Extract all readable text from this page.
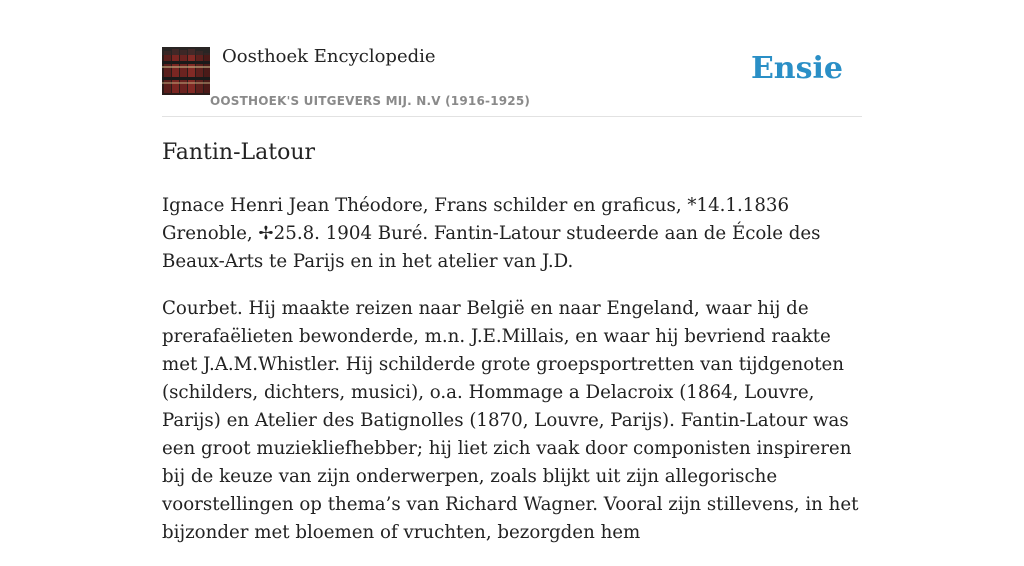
Oosthoek Encyclopedie
OOSTHOEK'S UITGEVERS MIJ. N.V (1916-1925)
Ensie
Fantin-Latour

Ignace Henri Jean Théodore, Frans schilder en graficus, *14.1.1836 Grenoble, ✢25.8. 1904 Buré. Fantin-Latour studeerde aan de École des Beaux-Arts te Parijs en in het atelier van J.D.

Courbet. Hij maakte reizen naar België en naar Engeland, waar hij de prerafaëlieten bewonderde, m.n. J.E.Millais, en waar hij bevriend raakte met J.A.M.Whistler. Hij schilderde grote groepsportretten van tijdgenoten (schilders, dichters, musici), o.a. Hommage a Delacroix (1864, Louvre, Parijs) en Atelier des Batignolles (1870, Louvre, Parijs). Fantin-Latour was een groot muziekliefhebber; hij liet zich vaak door componisten inspireren bij de keuze van zijn onderwerpen, zoals blijkt uit zijn allegorische voorstellingen op thema’s van Richard Wagner. Vooral zijn stillevens, in het bijzonder met bloemen of vruchten, bezorgden hem
